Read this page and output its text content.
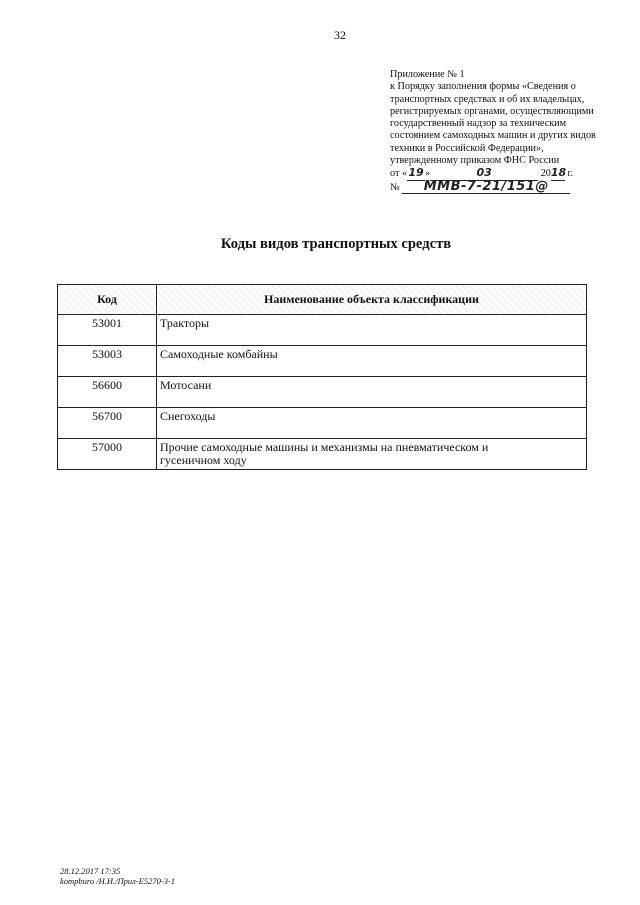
32
Приложение № 1
к Порядку заполнения формы «Сведения о
транспортных средствах и об их владельцах,
регистрируемых органами, осуществляющими
государственный надзор за техническим
состоянием самоходных машин и других видов
техники в Российской Федерации»,
утвержденному приказом ФНС России
от «19»	03	2018 г.
№ ММВ-7-21/151@
Коды видов транспортных средств
Код	Наименование объекта классификации
53001	Тракторы
53003	Самоходные комбайны
56600	Мотосани
56700	Снегоходы
57000	Прочие самоходные машины и механизмы на пневматическом и гусеничном ходу
28.12.2017 17:35
kompburo /Н.И./Прил-Е5270-3-1
